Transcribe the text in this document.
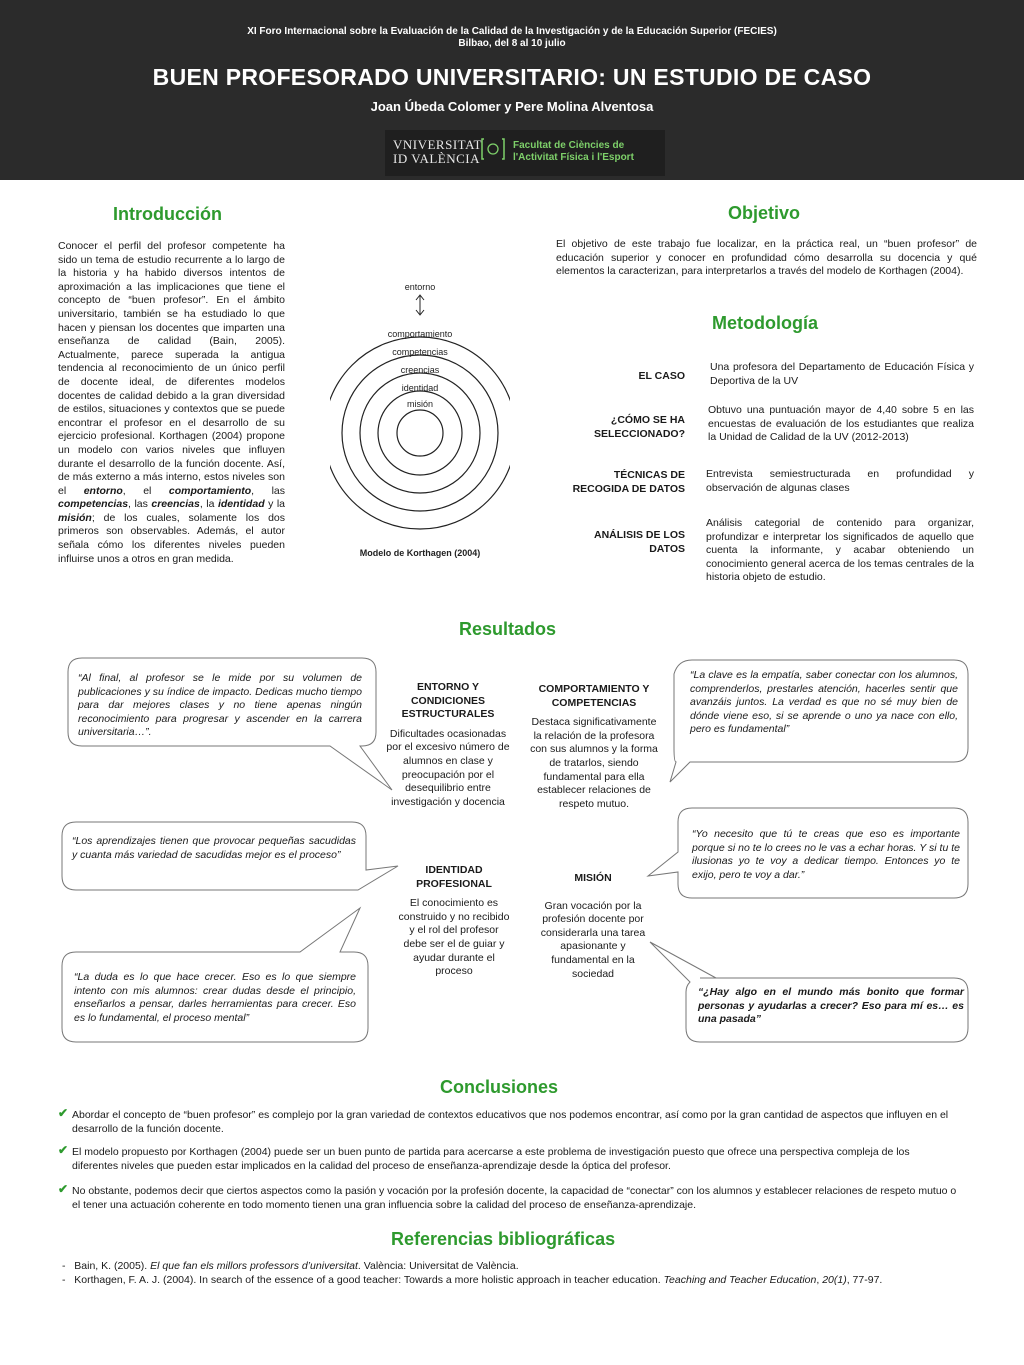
XI Foro Internacional sobre la Evaluación de la Calidad de la Investigación y de la Educación Superior (FECIES)
Bilbao, del 8 al 10 julio
BUEN PROFESORADO UNIVERSITARIO: UN ESTUDIO DE CASO
Joan Úbeda Colomer y Pere Molina Alventosa
VNIVERSITAT
ID VALÈNCIA
Facultat de Ciències de
l'Activitat Física i l'Esport
Introducción
Conocer el perfil del profesor competente ha sido un tema de estudio recurrente a lo largo de la historia y ha habido diversos intentos de aproximación a las implicaciones que tiene el concepto de “buen profesor”. En el ámbito universitario, también se ha estudiado lo que hacen y piensan los docentes que imparten una enseñanza de calidad (Bain, 2005). Actualmente, parece superada la antigua tendencia al reconocimiento de un único perfil de docente ideal, de diferentes modelos docentes de calidad debido a la gran diversidad de estilos, situaciones y contextos que se puede encontrar el profesor en el desarrollo de su ejercicio profesional. Korthagen (2004) propone un modelo con varios niveles que influyen durante el desarrollo de la función docente. Así, de más externo a más interno, estos niveles son el entorno, el comportamiento, las competencias, las creencias, la identidad y la misión; de los cuales, solamente los dos primeros son observables. Además, el autor señala cómo los diferentes niveles pueden influirse unos a otros en gran medida.
entorno
comportamiento
competencias
creencias
identidad
misión
Modelo de Korthagen (2004)
Objetivo
El objetivo de este trabajo fue localizar, en la práctica real, un “buen profesor” de educación superior y conocer en profundidad cómo desarrolla su docencia y qué elementos la caracterizan, para interpretarlos a través del modelo de Korthagen (2004).
Metodología
EL CASO
Una profesora del Departamento de Educación Física y Deportiva de la UV
¿CÓMO SE HA SELECCIONADO?
Obtuvo una puntuación mayor de 4,40 sobre 5 en las encuestas de evaluación de los estudiantes que realiza la Unidad de Calidad de la UV (2012-2013)
TÉCNICAS DE RECOGIDA DE DATOS
Entrevista semiestructurada en profundidad y observación de algunas clases
ANÁLISIS DE LOS DATOS
Análisis categorial de contenido para organizar, profundizar e interpretar los significados de aquello que cuenta la informante, y acabar obteniendo un conocimiento general acerca de los temas centrales de la historia objeto de estudio.
Resultados
“Al final, al profesor se le mide por su volumen de publicaciones y su índice de impacto. Dedicas mucho tiempo para dar mejores clases y no tiene apenas ningún reconocimiento para progresar y ascender en la carrera universitaria…”.
“Los aprendizajes tienen que provocar pequeñas sacudidas y cuanta más variedad de sacudidas mejor es el proceso”
“La duda es lo que hace crecer. Eso es lo que siempre intento con mis alumnos: crear dudas desde el principio, enseñarlos a pensar, darles herramientas para crecer. Eso es lo fundamental, el proceso mental”
“La clave es la empatía, saber conectar con los alumnos, comprenderlos, prestarles atención, hacerles sentir que avanzáis juntos. La verdad es que no sé muy bien de dónde viene eso, si se aprende o uno ya nace con ello, pero es fundamental”
“Yo necesito que tú te creas que eso es importante porque si no te lo crees no le vas a echar horas. Y si tu te ilusionas yo te voy a dedicar tiempo. Entonces yo te exijo, pero te voy a dar.”
“¿Hay algo en el mundo más bonito que formar personas y ayudarlas a crecer? Eso para mí es… es una pasada”
ENTORNO Y CONDICIONES ESTRUCTURALES
Dificultades ocasionadas por el excesivo número de alumnos en clase y preocupación por el desequilibrio entre investigación y docencia
COMPORTAMIENTO Y COMPETENCIAS
Destaca significativamente la relación de la profesora con sus alumnos y la forma de tratarlos, siendo fundamental para ella establecer relaciones de respeto mutuo.
IDENTIDAD PROFESIONAL
El conocimiento es construido y no recibido y el rol del profesor debe ser el de guiar y ayudar durante el proceso
MISIÓN
Gran vocación por la profesión docente por considerarla una tarea apasionante y fundamental en la sociedad
Conclusiones
✔ Abordar el concepto de “buen profesor” es complejo por la gran variedad de contextos educativos que nos podemos encontrar, así como por la gran cantidad de aspectos que influyen en el desarrollo de la función docente.
✔ El modelo propuesto por Korthagen (2004) puede ser un buen punto de partida para acercarse a este problema de investigación puesto que ofrece una perspectiva compleja de los diferentes niveles que pueden estar implicados en la calidad del proceso de enseñanza-aprendizaje desde la óptica del profesor.
✔ No obstante, podemos decir que ciertos aspectos como la pasión y vocación por la profesión docente, la capacidad de “conectar” con los alumnos y establecer relaciones de respeto mutuo o el tener una actuación coherente en todo momento tienen una gran influencia sobre la calidad del proceso de enseñanza-aprendizaje.
Referencias bibliográficas
- Bain, K. (2005). El que fan els millors professors d’universitat. València: Universitat de València.
- Korthagen, F. A. J. (2004). In search of the essence of a good teacher: Towards a more holistic approach in teacher education. Teaching and Teacher Education, 20(1), 77-97.
